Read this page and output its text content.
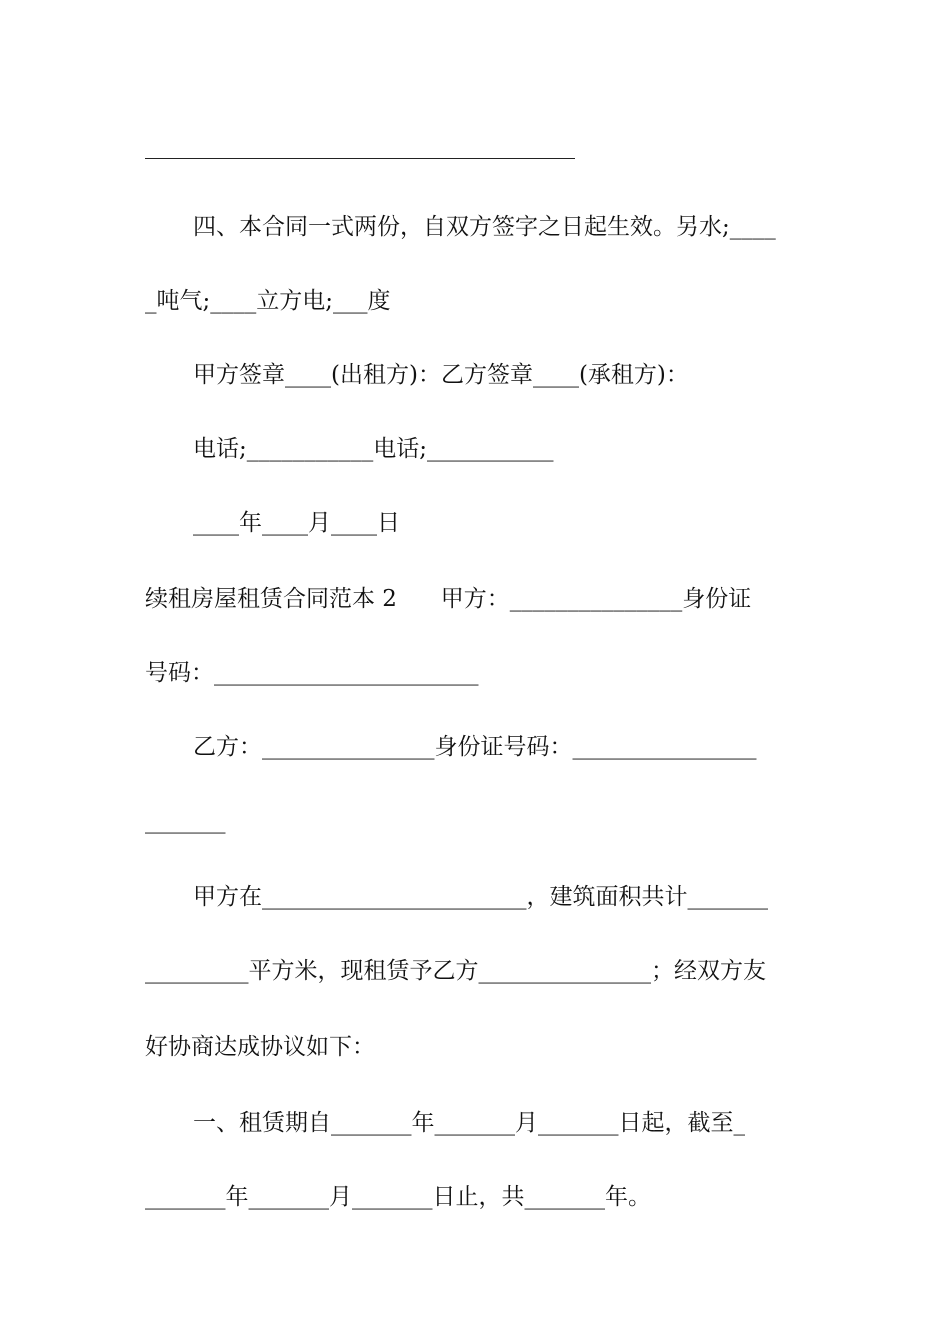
四、本合同一式两份，自双方签字之日起生效。另水;____

_吨气;____立方电;___度

甲方签章____(出租方)：乙方签章____(承租方)：

电话;___________电话;___________

____年____月____日

续租房屋租赁合同范本 2      甲方：_______________身份证

号码：_______________________

乙方：_______________身份证号码：________________

_______

甲方在_______________________，建筑面积共计_______

_________平方米，现租赁予乙方_______________；经双方友

好协商达成协议如下：

一、租赁期自_______年_______月_______日起，截至_

_______年_______月_______日止，共_______年。
